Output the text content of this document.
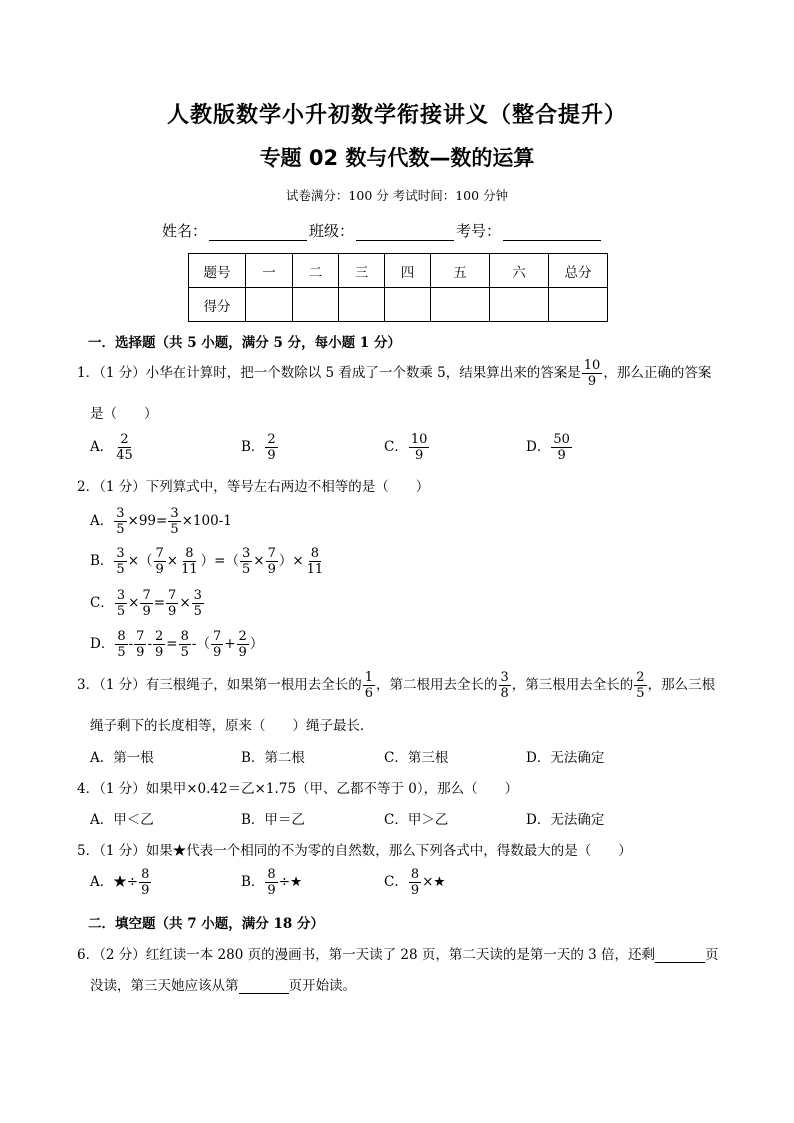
人教版数学小升初数学衔接讲义（整合提升）
专题 02 数与代数—数的运算
试卷满分：100 分 考试时间：100 分钟
姓名：	班级：	考号：
题号	一	二	三	四	五	六	总分
得分							
一．选择题（共 5 小题，满分 5 分，每小题 1 分）
1．（1 分）小华在计算时，把一个数除以 5 看成了一个数乘 5，结果算出来的答案是 $\frac{10}{9}$ ，那么正确的答案
是（　　）
A． $\frac{2}{45}$	B． $\frac{2}{9}$	C． $\frac{10}{9}$	D． $\frac{50}{9}$
2．（1 分）下列算式中，等号左右两边不相等的是（　　）
A． $\frac{3}{5} \times 99= \frac{3}{5} \times 100-1$
B． $\frac{3}{5}$ ×（ $\frac{7}{9} \times \frac{8}{11}$ ）=（ $\frac{3}{5} \times \frac{7}{9}$ ）× $\frac{8}{11}$
C． $\frac{3}{5} \times \frac{7}{9} = \frac{7}{9} \times \frac{3}{5}$
D． $\frac{8}{5} - \frac{7}{9} - \frac{2}{9} = \frac{8}{5}$ -（ $\frac{7}{9} + \frac{2}{9}$ ）
3．（1 分）有三根绳子，如果第一根用去全长的 $\frac{1}{6}$ ，第二根用去全长的 $\frac{3}{8}$ ，第三根用去全长的 $\frac{2}{5}$ ，那么三根
绳子剩下的长度相等，原来（　　）绳子最长．
A．第一根	B．第二根	C．第三根	D．无法确定
4．（1 分）如果甲×0.42＝乙×1.75（甲、乙都不等于 0），那么（　　）
A．甲＜乙	B．甲＝乙	C．甲＞乙	D．无法确定
5．（1 分）如果★代表一个相同的不为零的自然数，那么下列各式中，得数最大的是（　　）
A．★÷ $\frac{8}{9}$	B． $\frac{8}{9}$ ÷★	C． $\frac{8}{9}$ ×★
二．填空题（共 7 小题，满分 18 分）
6．（2 分）红红读一本 280 页的漫画书，第一天读了 28 页，第二天读的是第一天的 3 倍，还剩	页
没读，第三天她应该从第	页开始读。
